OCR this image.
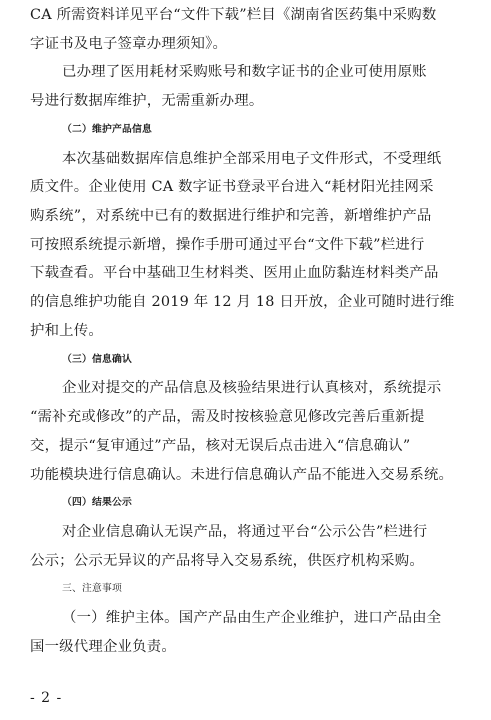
CA 所需资料详见平台“文件下载”栏目《湖南省医药集中采购数
字证书及电子签章办理须知》。
已办理了医用耗材采购账号和数字证书的企业可使用原账
号进行数据库维护，无需重新办理。
（二）维护产品信息
本次基础数据库信息维护全部采用电子文件形式，不受理纸
质文件。企业使用 CA 数字证书登录平台进入“耗材阳光挂网采
购系统”，对系统中已有的数据进行维护和完善，新增维护产品
可按照系统提示新增，操作手册可通过平台“文件下载”栏进行
下载查看。平台中基础卫生材料类、医用止血防黏连材料类产品
的信息维护功能自 2019 年 12 月 18 日开放，企业可随时进行维
护和上传。
（三）信息确认
企业对提交的产品信息及核验结果进行认真核对，系统提示
“需补充或修改”的产品，需及时按核验意见修改完善后重新提
交，提示“复审通过”产品，核对无误后点击进入“信息确认”
功能模块进行信息确认。未进行信息确认产品不能进入交易系统。
（四）结果公示
对企业信息确认无误产品，将通过平台“公示公告”栏进行
公示；公示无异议的产品将导入交易系统，供医疗机构采购。
三、注意事项
（一）维护主体。国产产品由生产企业维护，进口产品由全
国一级代理企业负责。
- 2 -
